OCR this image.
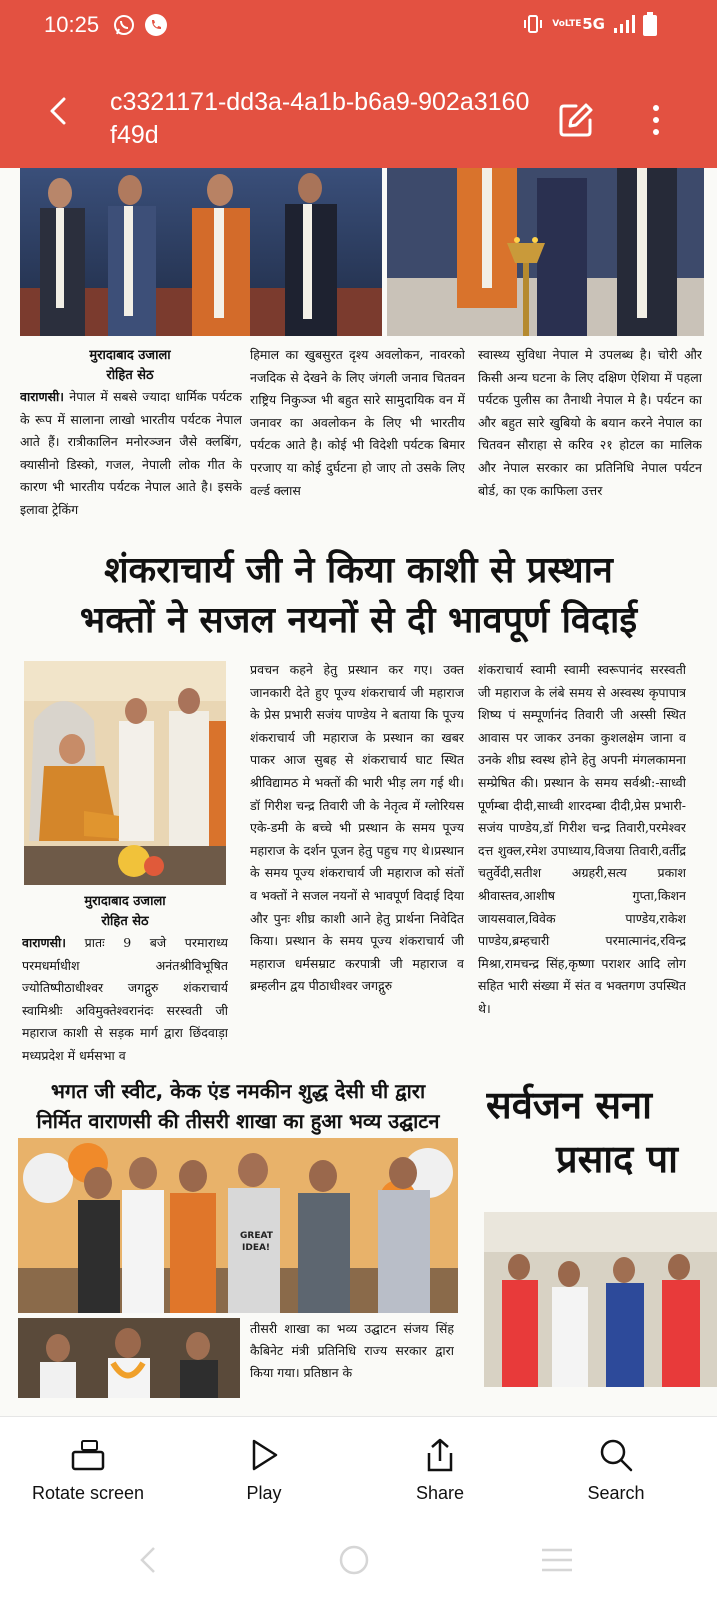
10:25	VoLTE 5G
c3321171-dd3a-4a1b-b6a9-902a3160f49d
मुरादाबाद उजाला
रोहित सेठ
वाराणसी। नेपाल में सबसे ज्यादा धार्मिक पर्यटक के रूप में सालाना लाखो भारतीय पर्यटक नेपाल आते हैं। रात्रीकालिन मनोरञ्जन जैसे क्लबिंग, क्यासीनो डिस्को, गजल, नेपाली लोक गीत के कारण भी भारतीय पर्यटक नेपाल आते है। इसके इलावा ट्रेकिंग
हिमाल का खुबसुरत दृश्य अवलोकन, नावरको नजदिक से देखने के लिए जंगली जनाव चितवन राष्ट्रिय निकुञ्ज भी बहुत सारे सामुदायिक वन में जनावर का अवलोकन के लिए भी भारतीय पर्यटक आते है। कोई भी विदेशी पर्यटक बिमार परजाए या कोई दुर्घटना हो जाए तो उसके लिए वर्ल्ड क्लास
स्वास्थ्य सुविधा नेपाल मे उपलब्ध है। चोरी और किसी अन्य घटना के लिए दक्षिण ऐशिया में पहला पर्यटक पुलीस का तैनाथी नेपाल मे है। पर्यटन का और बहुत सारे खुबियो के बयान करने नेपाल का चितवन सौराहा से करिव २१ होटल का मालिक और नेपाल सरकार का प्रतिनिधि नेपाल पर्यटन बोर्ड, का एक काफिला उत्तर
शंकराचार्य जी ने किया काशी से प्रस्थान
भक्तों ने सजल नयनों से दी भावपूर्ण विदाई
मुरादाबाद उजाला
रोहित सेठ
वाराणसी। प्रातः 9 बजे परमाराध्य परमधर्माधीश अनंतश्रीविभूषित ज्योतिष्पीठाधीश्वर जगद्गुरु शंकराचार्य स्वामिश्रीः अविमुक्तेश्वरानंदः सरस्वती जी महाराज काशी से सड़क मार्ग द्वारा छिंदवाड़ा मध्यप्रदेश में धर्मसभा व
प्रवचन कहने हेतु प्रस्थान कर गए। उक्त जानकारी देते हुए पूज्य शंकराचार्य जी महाराज के प्रेस प्रभारी सजंय पाण्डेय ने बताया कि पूज्य शंकराचार्य जी महाराज के प्रस्थान का खबर पाकर आज सुबह से शंकराचार्य घाट स्थित श्रीविद्यामठ मे भक्तों की भारी भीड़ लग गई थी।डॉ गिरीश चन्द्र तिवारी जी के नेतृत्व में ग्लोरियस एके-डमी के बच्चे भी प्रस्थान के समय पूज्य महाराज के दर्शन पूजन हेतु पहुच गए थे।प्रस्थान के समय पूज्य शंकराचार्य जी महाराज को संतों व भक्तों ने सजल नयनों से भावपूर्ण विदाई दिया और पुनः शीघ्र काशी आने हेतु प्रार्थना निवेदित किया। प्रस्थान के समय पूज्य शंकराचार्य जी महाराज धर्मसम्राट करपात्री जी महाराज व ब्रम्हलीन द्वय पीठाधीश्वर जगद्गुरु
शंकराचार्य स्वामी स्वामी स्वरूपानंद सरस्वती जी महाराज के लंबे समय से अस्वस्थ कृपापात्र शिष्य पं सम्पूर्णानंद तिवारी जी अस्सी स्थित आवास पर जाकर उनका कुशलक्षेम जाना व उनके शीघ्र स्वस्थ होने हेतु अपनी मंगलकामना सम्प्रेषित की। प्रस्थान के समय सर्वश्री:-साध्वी पूर्णम्बा दीदी,साध्वी शारदम्बा दीदी,प्रेस प्रभारी-सजंय पाण्डेय,डॉ गिरीश चन्द्र तिवारी,परमेश्वर दत्त शुक्ल,रमेश उपाध्याय,विजया तिवारी,वर्तीद्र चतुर्वेदी,सतीश अग्रहरी,सत्य प्रकाश श्रीवास्तव,आशीष गुप्ता,किशन जायसवाल,विवेक पाण्डेय,राकेश पाण्डेय,ब्रम्हचारी परमात्मानंद,रविन्द्र मिश्रा,रामचन्द्र सिंह,कृष्णा पराशर आदि लोग सहित भारी संख्या में संत व भक्तगण उपस्थित थे।
भगत जी स्वीट, केक एंड नमकीन शुद्ध देसी घी द्वारा
निर्मित वाराणसी की तीसरी शाखा का हुआ भव्य उद्घाटन
GREAT
IDEA!
तीसरी शाखा का भव्य उद्घाटन संजय सिंह कैबिनेट मंत्री प्रतिनिधि राज्य सरकार द्वारा किया गया। प्रतिष्ठान के
सर्वजन सना
प्रसाद पा
Rotate screen	Play	Share	Search
